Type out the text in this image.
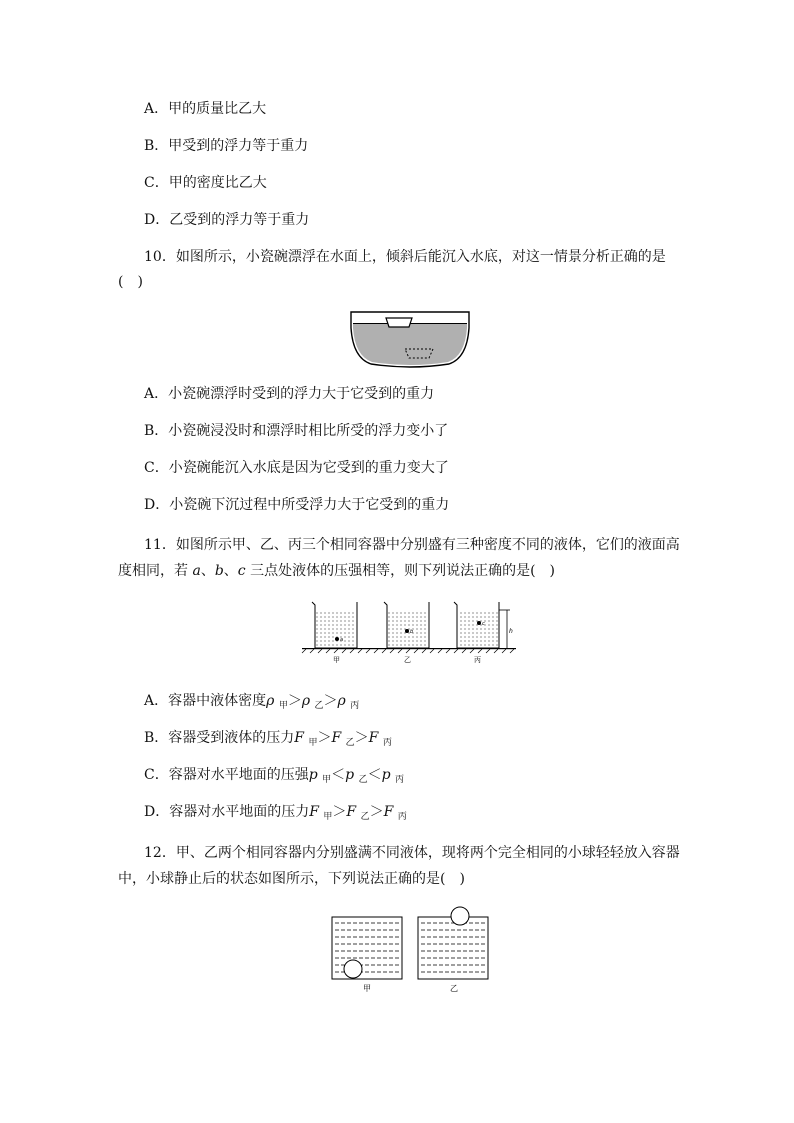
A．甲的质量比乙大
B．甲受到的浮力等于重力
C．甲的密度比乙大
D．乙受到的浮力等于重力
10．如图所示，小瓷碗漂浮在水面上，倾斜后能沉入水底，对这一情景分析正确的是
(　)
A．小瓷碗漂浮时受到的浮力大于它受到的重力
B．小瓷碗浸没时和漂浮时相比所受的浮力变小了
C．小瓷碗能沉入水底是因为它受到的重力变大了
D．小瓷碗下沉过程中所受浮力大于它受到的重力
11．如图所示甲、乙、丙三个相同容器中分别盛有三种密度不同的液体，它们的液面高度相同，若 a、b、c 三点处液体的压强相等，则下列说法正确的是(　)
h
a
b
c
甲	乙	丙
A．容器中液体密度ρ $_甲$＞ρ $_乙$＞ρ $_丙$
B．容器受到液体的压力F $_甲$＞F $_乙$＞F $_丙$
C．容器对水平地面的压强p $_甲$＜p $_乙$＜p $_丙$
D．容器对水平地面的压力F $_甲$＞F $_乙$＞F $_丙$
12．甲、乙两个相同容器内分别盛满不同液体，现将两个完全相同的小球轻轻放入容器中，小球静止后的状态如图所示，下列说法正确的是(　)
甲	乙
